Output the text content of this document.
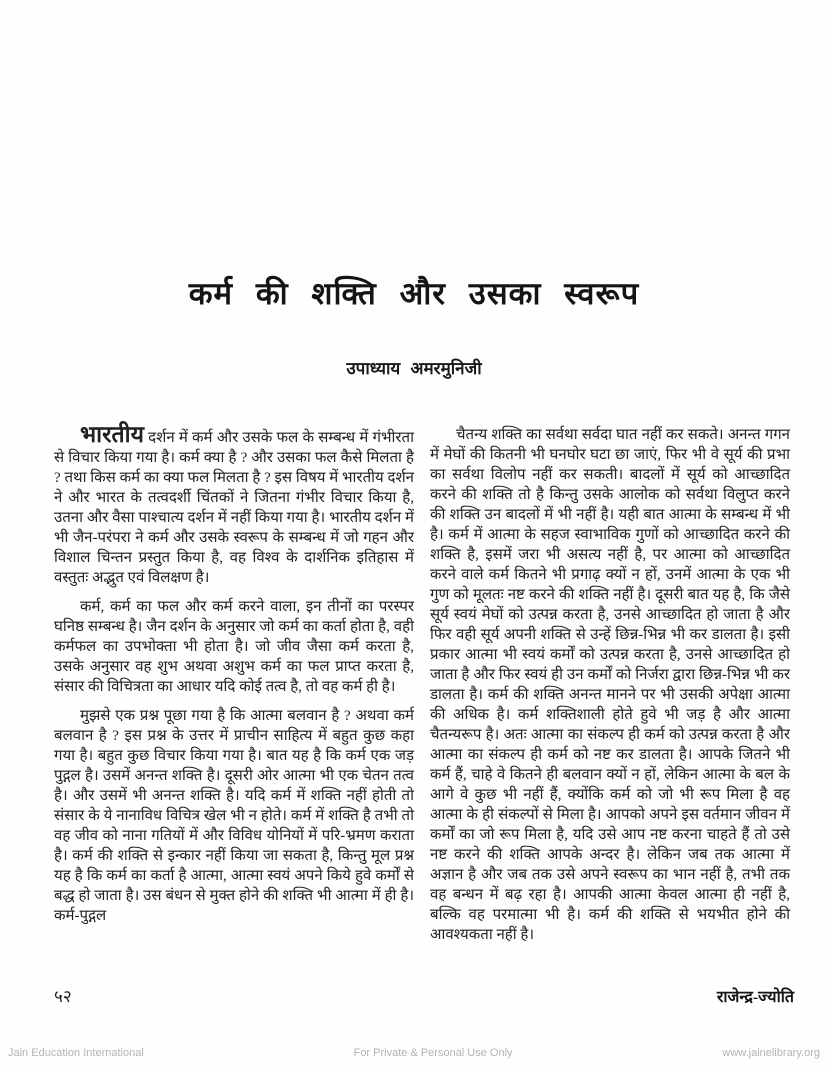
कर्म की शक्ति और उसका स्वरूप
उपाध्याय अमरमुनिजी

भारतीय दर्शन में कर्म और उसके फल के सम्बन्ध में गंभीरता से विचार किया गया है। कर्म क्या है ? और उसका फल कैसे मिलता है ? तथा किस कर्म का क्या फल मिलता है ? इस विषय में भारतीय दर्शन ने और भारत के तत्वदर्शी चिंतकों ने जितना गंभीर विचार किया है, उतना और वैसा पाश्चात्य दर्शन में नहीं किया गया है। भारतीय दर्शन में भी जैन-परंपरा ने कर्म और उसके स्वरूप के सम्बन्ध में जो गहन और विशाल चिन्तन प्रस्तुत किया है, वह विश्व के दार्शनिक इतिहास में वस्तुतः अद्भुत एवं विलक्षण है।

कर्म, कर्म का फल और कर्म करने वाला, इन तीनों का परस्पर घनिष्ठ सम्बन्ध है। जैन दर्शन के अनुसार जो कर्म का कर्ता होता है, वही कर्मफल का उपभोक्ता भी होता है। जो जीव जैसा कर्म करता है, उसके अनुसार वह शुभ अथवा अशुभ कर्म का फल प्राप्त करता है, संसार की विचित्रता का आधार यदि कोई तत्व है, तो वह कर्म ही है।

मुझसे एक प्रश्न पूछा गया है कि आत्मा बलवान है ? अथवा कर्म बलवान है ? इस प्रश्न के उत्तर में प्राचीन साहित्य में बहुत कुछ कहा गया है। बहुत कुछ विचार किया गया है। बात यह है कि कर्म एक जड़ पुद्गल है। उसमें अनन्त शक्ति है। दूसरी ओर आत्मा भी एक चेतन तत्व है। और उसमें भी अनन्त शक्ति है। यदि कर्म में शक्ति नहीं होती तो संसार के ये नानाविध विचित्र खेल भी न होते। कर्म में शक्ति है तभी तो वह जीव को नाना गतियों में और विविध योनियों में परि-भ्रमण कराता है। कर्म की शक्ति से इन्कार नहीं किया जा सकता है, किन्तु मूल प्रश्न यह है कि कर्म का कर्ता है आत्मा, आत्मा स्वयं अपने किये हुवे कर्मों से बद्ध हो जाता है। उस बंधन से मुक्त होने की शक्ति भी आत्मा में ही है। कर्म-पुद्गल

चैतन्य शक्ति का सर्वथा सर्वदा घात नहीं कर सकते। अनन्त गगन में मेघों की कितनी भी घनघोर घटा छा जाएं, फिर भी वे सूर्य की प्रभा का सर्वथा विलोप नहीं कर सकती। बादलों में सूर्य को आच्छादित करने की शक्ति तो है किन्तु उसके आलोक को सर्वथा विलुप्त करने की शक्ति उन बादलों में भी नहीं है। यही बात आत्मा के सम्बन्ध में भी है। कर्म में आत्मा के सहज स्वाभाविक गुणों को आच्छादित करने की शक्ति है, इसमें जरा भी असत्य नहीं है, पर आत्मा को आच्छादित करने वाले कर्म कितने भी प्रगाढ़ क्यों न हों, उनमें आत्मा के एक भी गुण को मूलतः नष्ट करने की शक्ति नहीं है। दूसरी बात यह है, कि जैसे सूर्य स्वयं मेघों को उत्पन्न करता है, उनसे आच्छादित हो जाता है और फिर वही सूर्य अपनी शक्ति से उन्हें छिन्न-भिन्न भी कर डालता है। इसी प्रकार आत्मा भी स्वयं कर्मों को उत्पन्न करता है, उनसे आच्छादित हो जाता है और फिर स्वयं ही उन कर्मों को निर्जरा द्वारा छिन्न-भिन्न भी कर डालता है। कर्म की शक्ति अनन्त मानने पर भी उसकी अपेक्षा आत्मा की अधिक है। कर्म शक्तिशाली होते हुवे भी जड़ है और आत्मा चैतन्यरूप है। अतः आत्मा का संकल्प ही कर्म को उत्पन्न करता है और आत्मा का संकल्प ही कर्म को नष्ट कर डालता है। आपके जितने भी कर्म हैं, चाहे वे कितने ही बलवान क्यों न हों, लेकिन आत्मा के बल के आगे वे कुछ भी नहीं हैं, क्योंकि कर्म को जो भी रूप मिला है वह आत्मा के ही संकल्पों से मिला है। आपको अपने इस वर्तमान जीवन में कर्मों का जो रूप मिला है, यदि उसे आप नष्ट करना चाहते हैं तो उसे नष्ट करने की शक्ति आपके अन्दर है। लेकिन जब तक आत्मा में अज्ञान है और जब तक उसे अपने स्वरूप का भान नहीं है, तभी तक वह बन्धन में बढ़ रहा है। आपकी आत्मा केवल आत्मा ही नहीं है, बल्कि वह परमात्मा भी है। कर्म की शक्ति से भयभीत होने की आवश्यकता नहीं है।

५२	राजेन्द्र-ज्योति
Jain Education International	For Private & Personal Use Only	www.jainelibrary.org
